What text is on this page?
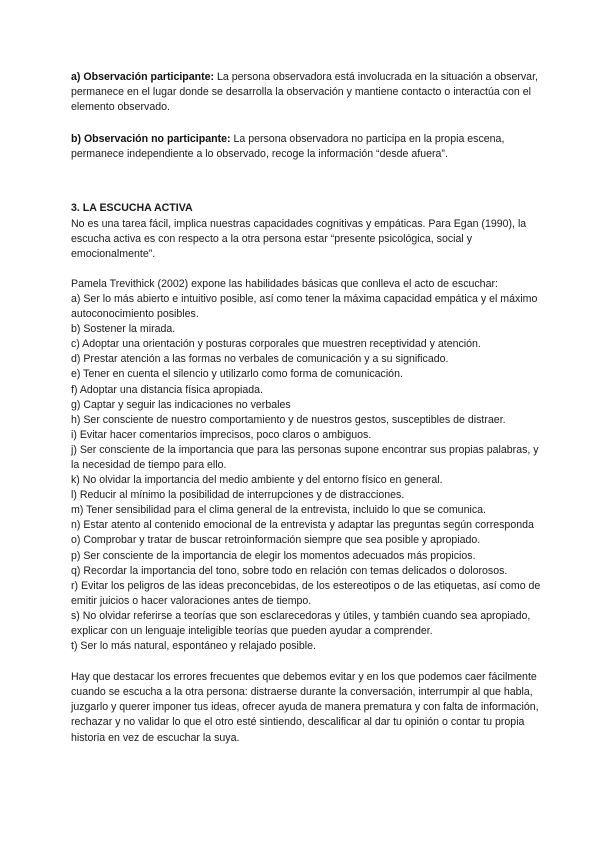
a) Observación participante: La persona observadora está involucrada en la situación a observar, permanece en el lugar donde se desarrolla la observación y mantiene contacto o interactúa con el elemento observado.

b) Observación no participante: La persona observadora no participa en la propia escena, permanece independiente a lo observado, recoge la información “desde afuera”.

3. LA ESCUCHA ACTIVA

No es una tarea fácil, implica nuestras capacidades cognitivas y empáticas. Para Egan (1990), la escucha activa es con respecto a la otra persona estar “presente psicológica, social y emocionalmente”.

Pamela Trevithick (2002) expone las habilidades básicas que conlleva el acto de escuchar:

a) Ser lo más abierto e intuitivo posible, así como tener la máxima capacidad empática y el máximo autoconocimiento posibles.

b) Sostener la mirada.

c) Adoptar una orientación y posturas corporales que muestren receptividad y atención.

d) Prestar atención a las formas no verbales de comunicación y a su significado.

e) Tener en cuenta el silencio y utilizarlo como forma de comunicación.

f) Adoptar una distancia física apropiada.

g) Captar y seguir las indicaciones no verbales

h) Ser consciente de nuestro comportamiento y de nuestros gestos, susceptibles de distraer.

i) Evitar hacer comentarios imprecisos, poco claros o ambiguos.

j) Ser consciente de la importancia que para las personas supone encontrar sus propias palabras, y la necesidad de tiempo para ello.

k) No olvidar la importancia del medio ambiente y del entorno físico en general.

l) Reducir al mínimo la posibilidad de interrupciones y de distracciones.

m) Tener sensibilidad para el clima general de la entrevista, incluido lo que se comunica.

n) Estar atento al contenido emocional de la entrevista y adaptar las preguntas según corresponda

o) Comprobar y tratar de buscar retroinformación siempre que sea posible y apropiado.

p) Ser consciente de la importancia de elegir los momentos adecuados más propicios.

q) Recordar la importancia del tono, sobre todo en relación con temas delicados o dolorosos.

r) Evitar los peligros de las ideas preconcebidas, de los estereotipos o de las etiquetas, así como de emitir juicios o hacer valoraciones antes de tiempo.

s) No olvidar referirse a teorías que son esclarecedoras y útiles, y también cuando sea apropiado, explicar con un lenguaje inteligible teorías que pueden ayudar a comprender.

t) Ser lo más natural, espontáneo y relajado posible.

Hay que destacar los errores frecuentes que debemos evitar y en los que podemos caer fácilmente cuando se escucha a la otra persona: distraerse durante la conversación, interrumpir al que habla, juzgarlo y querer imponer tus ideas, ofrecer ayuda de manera prematura y con falta de información, rechazar y no validar lo que el otro esté sintiendo, descalificar al dar tu opinión o contar tu propia historia en vez de escuchar la suya.
